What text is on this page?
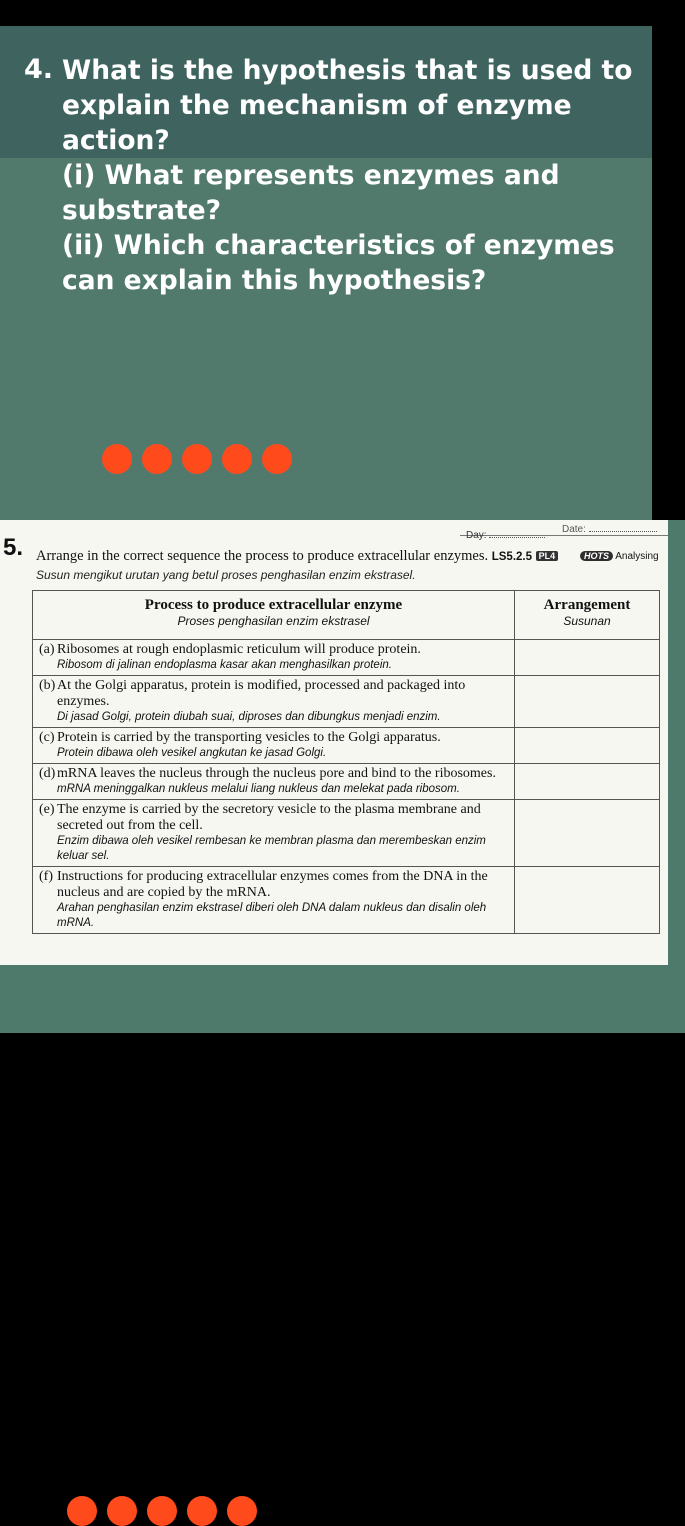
4. What is the hypothesis that is used to
explain the mechanism of enzyme
action?
(i) What represents enzymes and
substrate?
(ii) Which characteristics of enzymes
can explain this hypothesis?
Date:
Day:
5. Arrange in the correct sequence the process to produce extracellular enzymes. LS5.2.5 PL4	HOTS Analysing
Susun mengikut urutan yang betul proses penghasilan enzim ekstrasel.
Process to produce extracellular enzyme
Proses penghasilan enzim ekstrasel	Arrangement
Susunan

(a) Ribosomes at rough endoplasmic reticulum will produce protein.
Ribosom di jalinan endoplasma kasar akan menghasilkan protein.	

(b) At the Golgi apparatus, protein is modified, processed and packaged into enzymes.
Di jasad Golgi, protein diubah suai, diproses dan dibungkus menjadi enzim.	

(c) Protein is carried by the transporting vesicles to the Golgi apparatus.
Protein dibawa oleh vesikel angkutan ke jasad Golgi.	

(d) mRNA leaves the nucleus through the nucleus pore and bind to the ribosomes.
mRNA meninggalkan nukleus melalui liang nukleus dan melekat pada ribosom.	

(e) The enzyme is carried by the secretory vesicle to the plasma membrane and secreted out from the cell.
Enzim dibawa oleh vesikel rembesan ke membran plasma dan merembeskan enzim keluar sel.	

(f) Instructions for producing extracellular enzymes comes from the DNA in the nucleus and are copied by the mRNA.
Arahan penghasilan enzim ekstrasel diberi oleh DNA dalam nukleus dan disalin oleh mRNA.	
